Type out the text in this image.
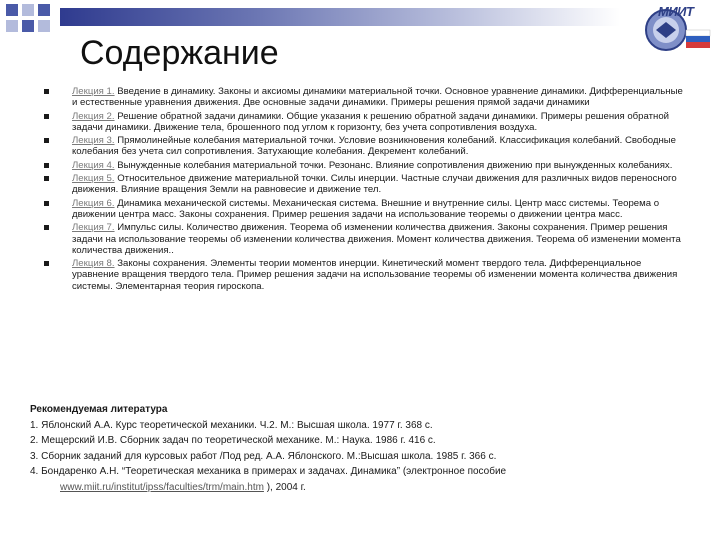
МИИТ
Содержание
Лекция 1. Введение в динамику. Законы и аксиомы динамики материальной точки. Основное уравнение динамики. Дифференциальные и естественные уравнения движения. Две основные задачи динамики. Примеры решения прямой задачи динамики
Лекция 2. Решение обратной задачи динамики. Общие указания к решению обратной задачи динамики. Примеры решения обратной задачи динамики. Движение тела, брошенного под углом к горизонту, без учета сопротивления воздуха.
Лекция 3. Прямолинейные колебания материальной точки. Условие возникновения колебаний. Классификация колебаний. Свободные колебания без учета сил сопротивления. Затухающие колебания. Декремент колебаний.
Лекция 4. Вынужденные колебания материальной точки. Резонанс. Влияние сопротивления движению при вынужденных колебаниях.
Лекция 5. Относительное движение материальной точки. Силы инерции. Частные случаи движения для различных видов переносного движения. Влияние вращения Земли на равновесие и движение тел.
Лекция 6. Динамика механической системы. Механическая система. Внешние и внутренние силы. Центр масс системы. Теорема о движении центра масс. Законы сохранения. Пример решения задачи на использование теоремы о движении центра масс.
Лекция 7. Импульс силы. Количество движения. Теорема об изменении количества движения. Законы сохранения. Пример решения задачи на использование теоремы об изменении количества движения. Момент количества движения. Теорема об изменении момента количества движения..
Лекция 8. Законы сохранения. Элементы теории моментов инерции. Кинетический момент твердого тела. Дифференциальное уравнение вращения твердого тела. Пример решения задачи на использование теоремы об изменении момента количества движения системы. Элементарная теория гироскопа.
Рекомендуемая литература
1. Яблонский А.А. Курс теоретической механики. Ч.2. М.: Высшая школа. 1977 г. 368 с.
2. Мещерский И.В. Сборник задач по теоретической механике. М.: Наука. 1986 г. 416 с.
3. Сборник заданий для курсовых работ /Под ред. А.А. Яблонского. М.:Высшая школа. 1985 г. 366 с.
4. Бондаренко А.Н. “Теоретическая механика в примерах и задачах. Динамика” (электронное пособие
www.miit.ru/institut/ipss/faculties/trm/main.htm ), 2004 г.
